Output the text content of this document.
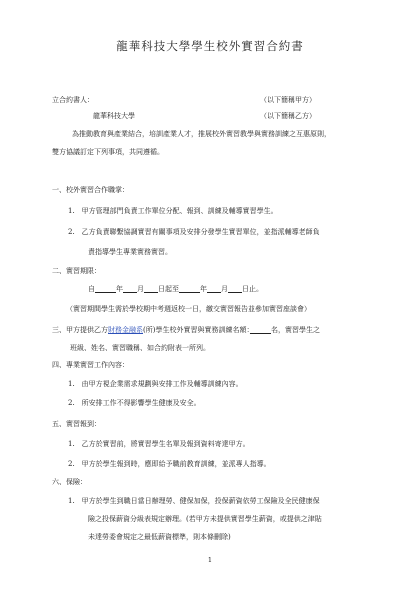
龍華科技大學學生校外實習合約書
立合約書人：	（以下簡稱甲方）
龍華科技大學	（以下簡稱乙方）
為推動教育與產業結合，培訓產業人才，推展校外實習教學與實務訓練之互惠原則，
雙方協議訂定下列事項，共同遵循。
一、校外實習合作職掌：
1.　甲方管理部門負責工作單位分配、報到、訓練及輔導實習學生。
2.　乙方負責聯繫協調實習有關事項及安排分發學生實習單位，並指派輔導老師負
責指導學生專業實務實習。
二、實習期限：
自　　　	年　　 月　　 日起至　　　	年　　 月　　 日止。
（實習期間學生需於學校期中考週返校一日，繳交實習報告並參加實習座談會）
三、甲方提供乙方財務金融系(所)學生校外實習與實務訓練名額：　　　	名，實習學生之
班級、姓名、實習職稱、如合約附表一所列。
四、專業實習工作內容：
1.　由甲方視企業需求規劃與安排工作及輔導訓練內容。
2.　所安排工作不得影響學生健康及安全。
五、實習報到：
1.　乙方於實習前，將實習學生名單及報到資料寄達甲方。
2.　甲方於學生報到時，應即給予職前教育訓練，並派專人指導。
六、保險：
1.　甲方於學生到職日當日辦理勞、健保加保，投保薪資依勞工保險及全民健康保
險之投保薪資分級表規定辦理。(若甲方未提供實習學生薪資，或提供之津貼
未達勞委會規定之最低薪資標準，則本條刪除)
1
